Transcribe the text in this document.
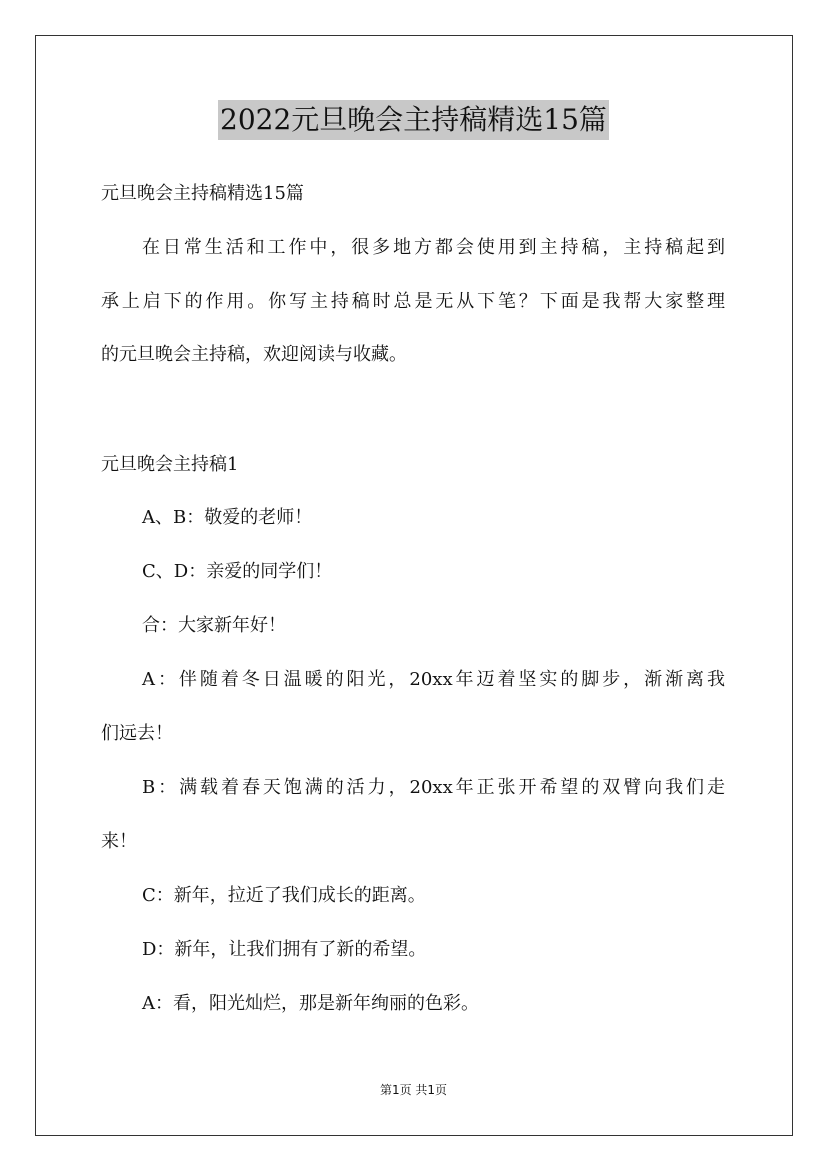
2022元旦晚会主持稿精选15篇
元旦晚会主持稿精选15篇
在日常生活和工作中，很多地方都会使用到主持稿，主持稿起到
承上启下的作用。你写主持稿时总是无从下笔？下面是我帮大家整理
的元旦晚会主持稿，欢迎阅读与收藏。
元旦晚会主持稿1
A、B：敬爱的老师！
C、D：亲爱的同学们！
合：大家新年好！
A：伴随着冬日温暖的阳光，20xx年迈着坚实的脚步，渐渐离我
们远去！
B：满载着春天饱满的活力，20xx年正张开希望的双臂向我们走
来！
C：新年，拉近了我们成长的距离。
D：新年，让我们拥有了新的希望。
A：看，阳光灿烂，那是新年绚丽的色彩。
第1页 共1页
